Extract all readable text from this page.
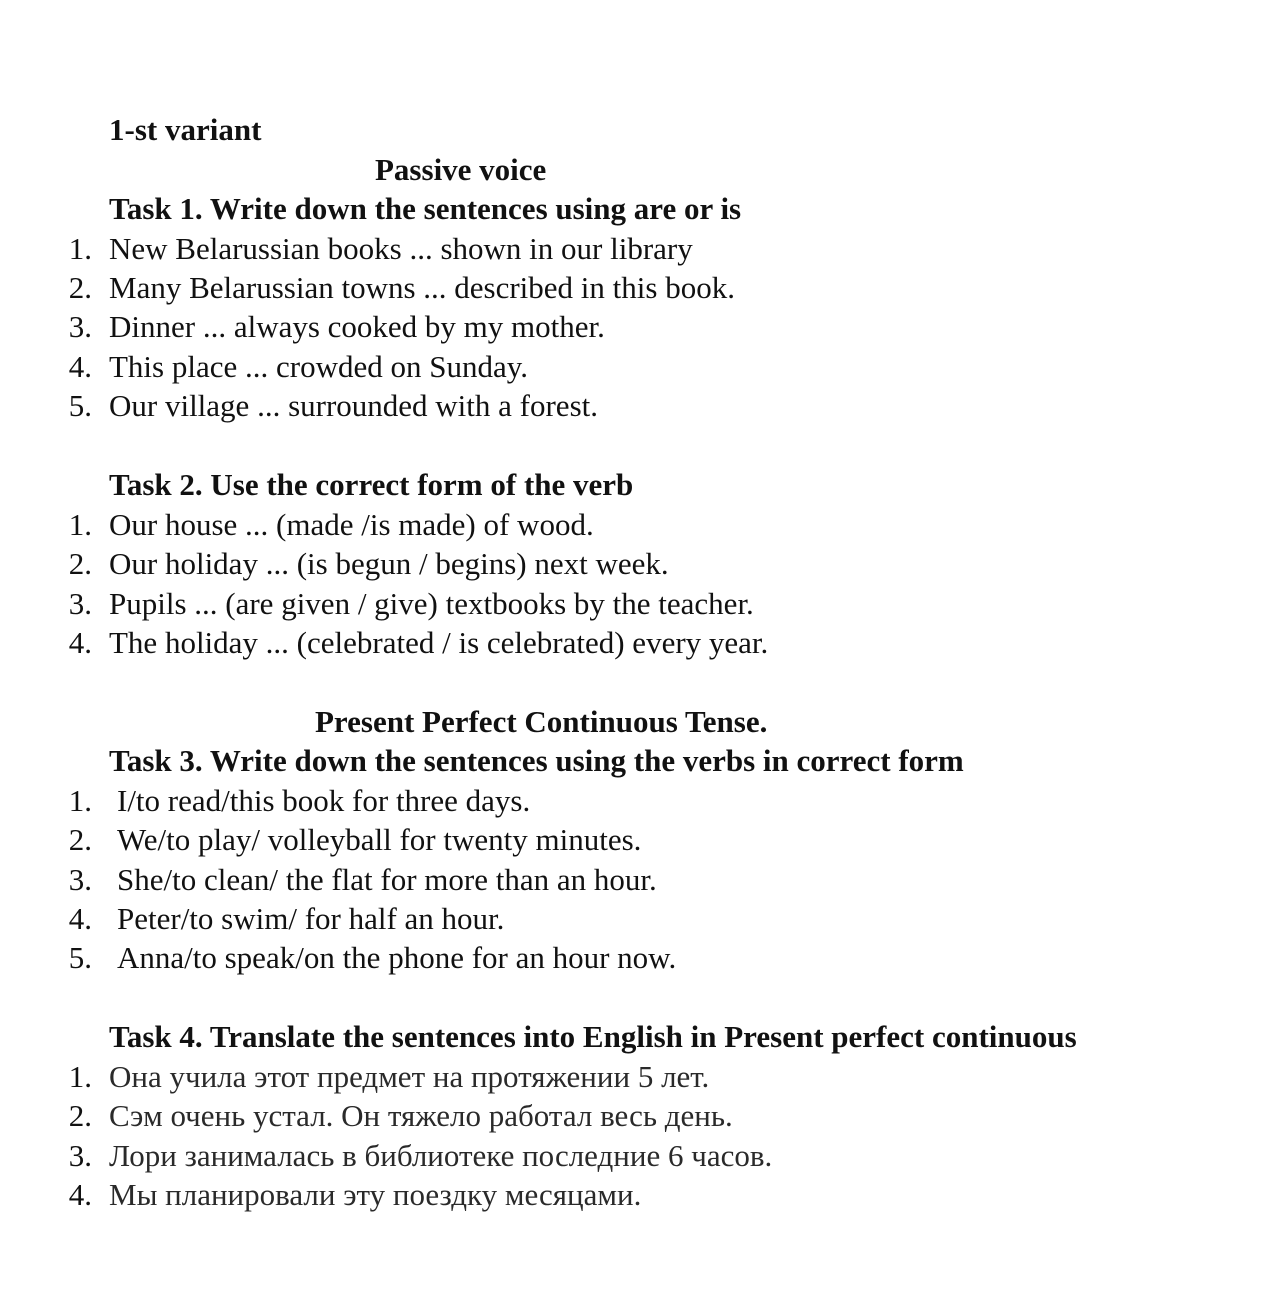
1-st variant
Passive voice
Task 1. Write down the sentences using are or is
1. New Belarussian books ... shown in our library
2. Many Belarussian towns ... described in this book.
3. Dinner ... always cooked by my mother.
4. This place ... crowded on Sunday.
5. Our village ... surrounded with a forest.
Task 2. Use the correct form of the verb
1. Our house ... (made /is made) of wood.
2. Our holiday ... (is begun / begins) next week.
3. Pupils ... (are given / give) textbooks by the teacher.
4. The holiday ... (celebrated / is celebrated) every year.
Present Perfect Continuous Tense.
Task 3. Write down the sentences using the verbs in correct form
1. I/to read/this book for three days.
2. We/to play/ volleyball for twenty minutes.
3. She/to clean/ the flat for more than an hour.
4. Peter/to swim/ for half an hour.
5. Anna/to speak/on the phone for an hour now.
Task 4. Translate the sentences into English in Present perfect continuous
1. Она учила этот предмет на протяжении 5 лет.
2. Сэм очень устал. Он тяжело работал весь день.
3. Лори занималась в библиотеке последние 6 часов.
4. Мы планировали эту поездку месяцами.
